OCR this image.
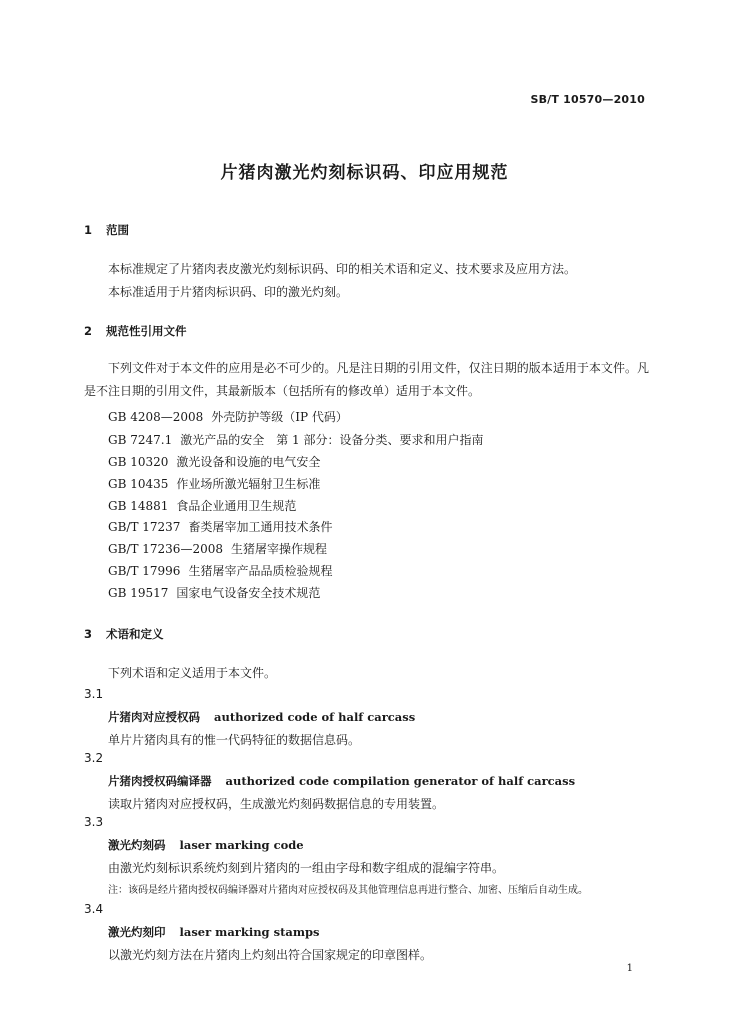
SB/T 10570—2010
片猪肉激光灼刻标识码、印应用规范
1 范围
本标准规定了片猪肉表皮激光灼刻标识码、印的相关术语和定义、技术要求及应用方法。
本标准适用于片猪肉标识码、印的激光灼刻。
2 规范性引用文件
下列文件对于本文件的应用是必不可少的。凡是注日期的引用文件，仅注日期的版本适用于本文件。凡是不注日期的引用文件，其最新版本（包括所有的修改单）适用于本文件。
GB 4208—2008 外壳防护等级（IP 代码）
GB 7247.1 激光产品的安全　第 1 部分：设备分类、要求和用户指南
GB 10320 激光设备和设施的电气安全
GB 10435 作业场所激光辐射卫生标准
GB 14881 食品企业通用卫生规范
GB/T 17237 畜类屠宰加工通用技术条件
GB/T 17236—2008 生猪屠宰操作规程
GB/T 17996 生猪屠宰产品品质检验规程
GB 19517 国家电气设备安全技术规范
3 术语和定义
下列术语和定义适用于本文件。
3.1
片猪肉对应授权码 authorized code of half carcass
单片片猪肉具有的惟一代码特征的数据信息码。
3.2
片猪肉授权码编译器 authorized code compilation generator of half carcass
读取片猪肉对应授权码，生成激光灼刻码数据信息的专用装置。
3.3
激光灼刻码 laser marking code
由激光灼刻标识系统灼刻到片猪肉的一组由字母和数字组成的混编字符串。
注：该码是经片猪肉授权码编译器对片猪肉对应授权码及其他管理信息再进行整合、加密、压缩后自动生成。
3.4
激光灼刻印 laser marking stamps
以激光灼刻方法在片猪肉上灼刻出符合国家规定的印章图样。
1
